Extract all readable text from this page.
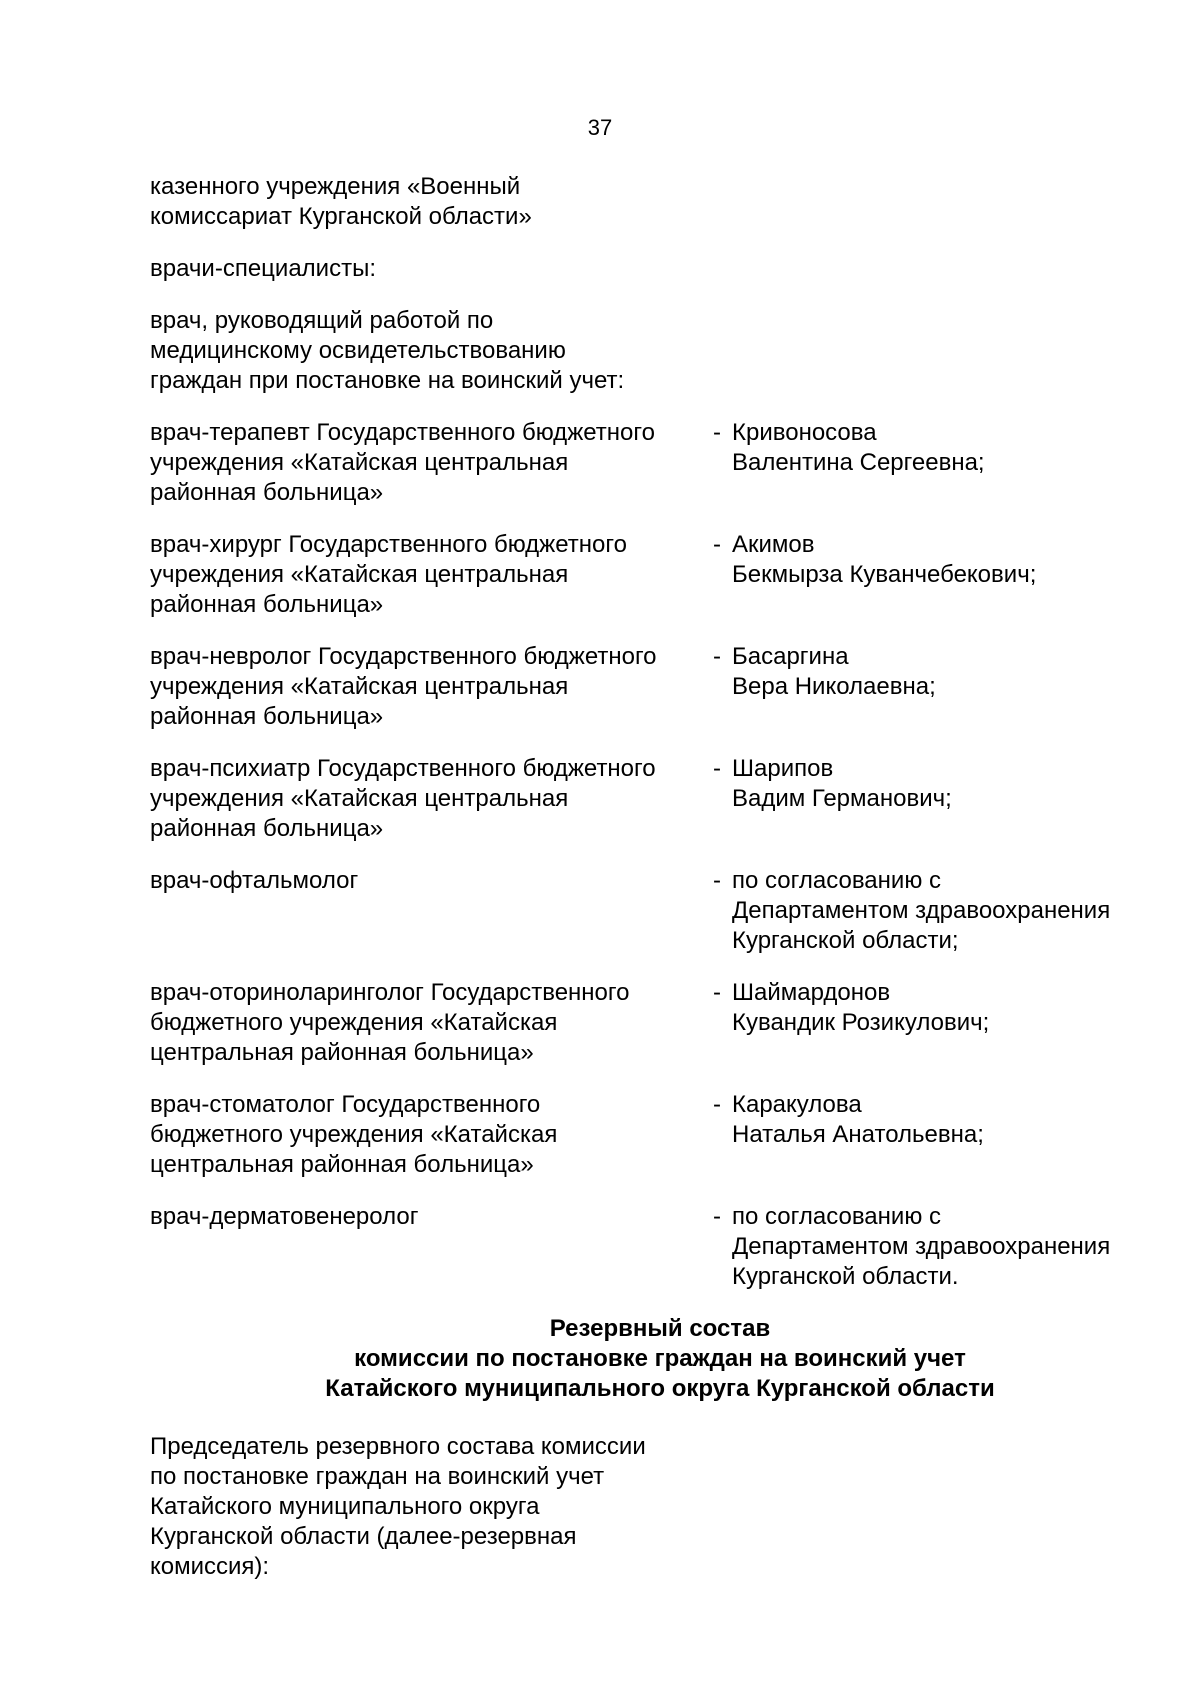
37

казенного учреждения «Военный
комиссариат Курганской области»

врачи-специалисты:

врач, руководящий работой по
медицинскому освидетельствованию
граждан при постановке на воинский учет:

врач-терапевт Государственного бюджетного
учреждения «Катайская центральная
районная больница»
- Кривоносова
Валентина Сергеевна;
врач-хирург Государственного бюджетного
учреждения «Катайская центральная
районная больница»
- Акимов
Бекмырза Куванчебекович;
врач-невролог Государственного бюджетного
учреждения «Катайская центральная
районная больница»
- Басаргина
Вера Николаевна;
врач-психиатр Государственного бюджетного
учреждения «Катайская центральная
районная больница»
- Шарипов
Вадим Германович;
врач-офтальмолог	- по согласованию с
Департаментом здравоохранения
Курганской области;
врач-оториноларинголог Государственного
бюджетного учреждения «Катайская
центральная районная больница»
- Шаймардонов
Кувандик Розикулович;
врач-стоматолог Государственного
бюджетного учреждения «Катайская
центральная районная больница»
- Каракулова
Наталья Анатольевна;
врач-дерматовенеролог	- по согласованию с
Департаментом здравоохранения
Курганской области.
Резервный состав
комиссии по постановке граждан на воинский учет
Катайского муниципального округа Курганской области

Председатель резервного состава комиссии
по постановке граждан на воинский учет
Катайского муниципального округа
Курганской области (далее-резервная
комиссия):
